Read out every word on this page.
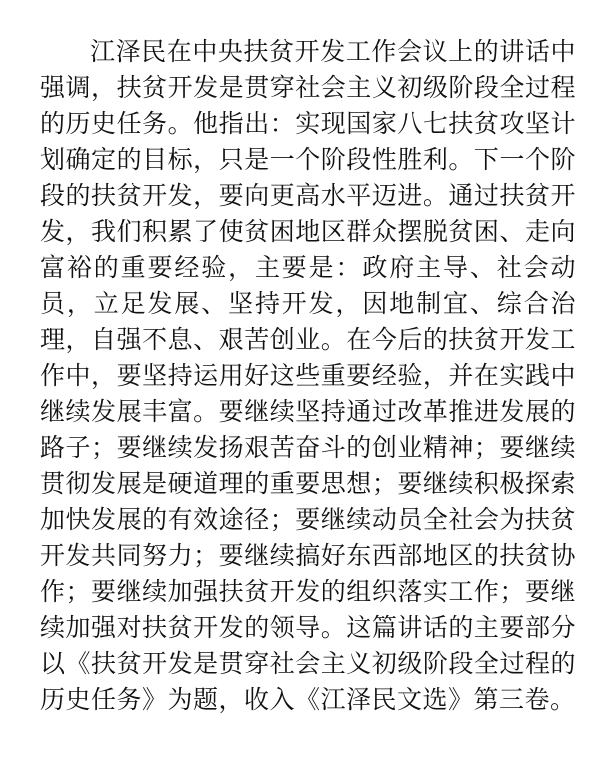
江泽民在中央扶贫开发工作会议上的讲话中强调，扶贫开发是贯穿社会主义初级阶段全过程的历史任务。他指出：实现国家八七扶贫攻坚计划确定的目标，只是一个阶段性胜利。下一个阶段的扶贫开发，要向更高水平迈进。通过扶贫开发，我们积累了使贫困地区群众摆脱贫困、走向富裕的重要经验，主要是：政府主导、社会动员，立足发展、坚持开发，因地制宜、综合治理，自强不息、艰苦创业。在今后的扶贫开发工作中，要坚持运用好这些重要经验，并在实践中继续发展丰富。要继续坚持通过改革推进发展的路子；要继续发扬艰苦奋斗的创业精神；要继续贯彻发展是硬道理的重要思想；要继续积极探索加快发展的有效途径；要继续动员全社会为扶贫开发共同努力；要继续搞好东西部地区的扶贫协作；要继续加强扶贫开发的组织落实工作；要继续加强对扶贫开发的领导。这篇讲话的主要部分以《扶贫开发是贯穿社会主义初级阶段全过程的历史任务》为题，收入《江泽民文选》第三卷。
